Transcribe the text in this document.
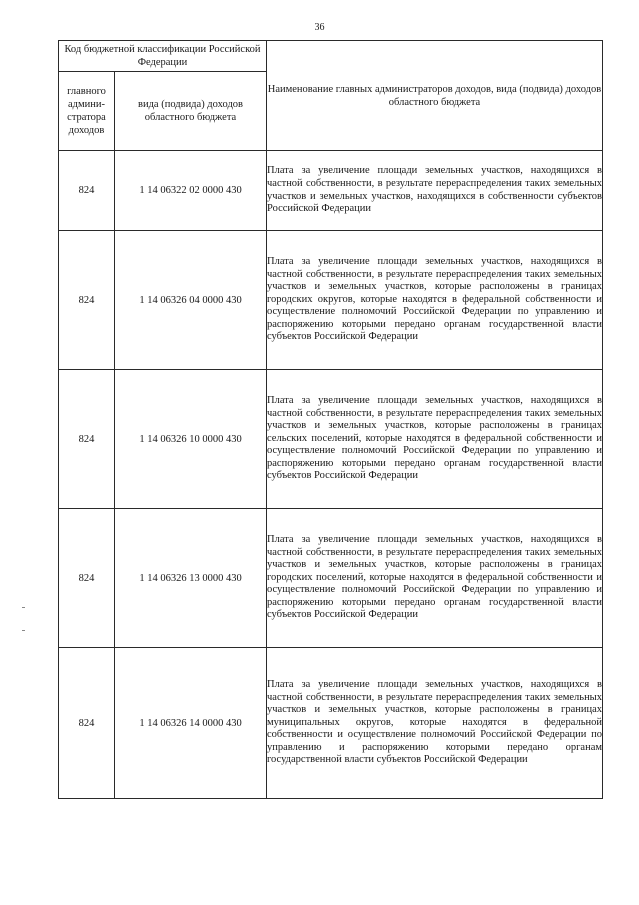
36
Код бюджетной классификации Российской Федерации		Наименование главных администраторов доходов, вида (подвида) доходов областного бюджета
главного админи-стратора доходов	вида (подвида) доходов областного бюджета	
824	1 14 06322 02 0000 430	Плата за увеличение площади земельных участков, находящихся в частной собственности, в результате перераспределения таких земельных участков и земельных участков, находящихся в собственности субъектов Российской Федерации

824	1 14 06326 04 0000 430	Плата за увеличение площади земельных участков, находящихся в частной собственности, в результате перераспределения таких земельных участков и земельных участков, которые расположены в границах городских округов, которые находятся в федеральной собственности и осуществление полномочий Российской Федерации по управлению и распоряжению которыми передано органам государственной власти субъектов Российской Федерации

824	1 14 06326 10 0000 430	Плата за увеличение площади земельных участков, находящихся в частной собственности, в результате перераспределения таких земельных участков и земельных участков, которые расположены в границах сельских поселений, которые находятся в федеральной собственности и осуществление полномочий Российской Федерации по управлению и распоряжению которыми передано органам государственной власти субъектов Российской Федерации

824	1 14 06326 13 0000 430	Плата за увеличение площади земельных участков, находящихся в частной собственности, в результате перераспределения таких земельных участков и земельных участков, которые расположены в границах городских поселений, которые находятся в федеральной собственности и осуществление полномочий Российской Федерации по управлению и распоряжению которыми передано органам государственной власти субъектов Российской Федерации

824	1 14 06326 14 0000 430	Плата за увеличение площади земельных участков, находящихся в частной собственности, в результате перераспределения таких земельных участков и земельных участков, которые расположены в границах муниципальных округов, которые находятся в федеральной собственности и осуществление полномочий Российской Федерации по управлению и распоряжению которыми передано органам государственной власти субъектов Российской Федерации
